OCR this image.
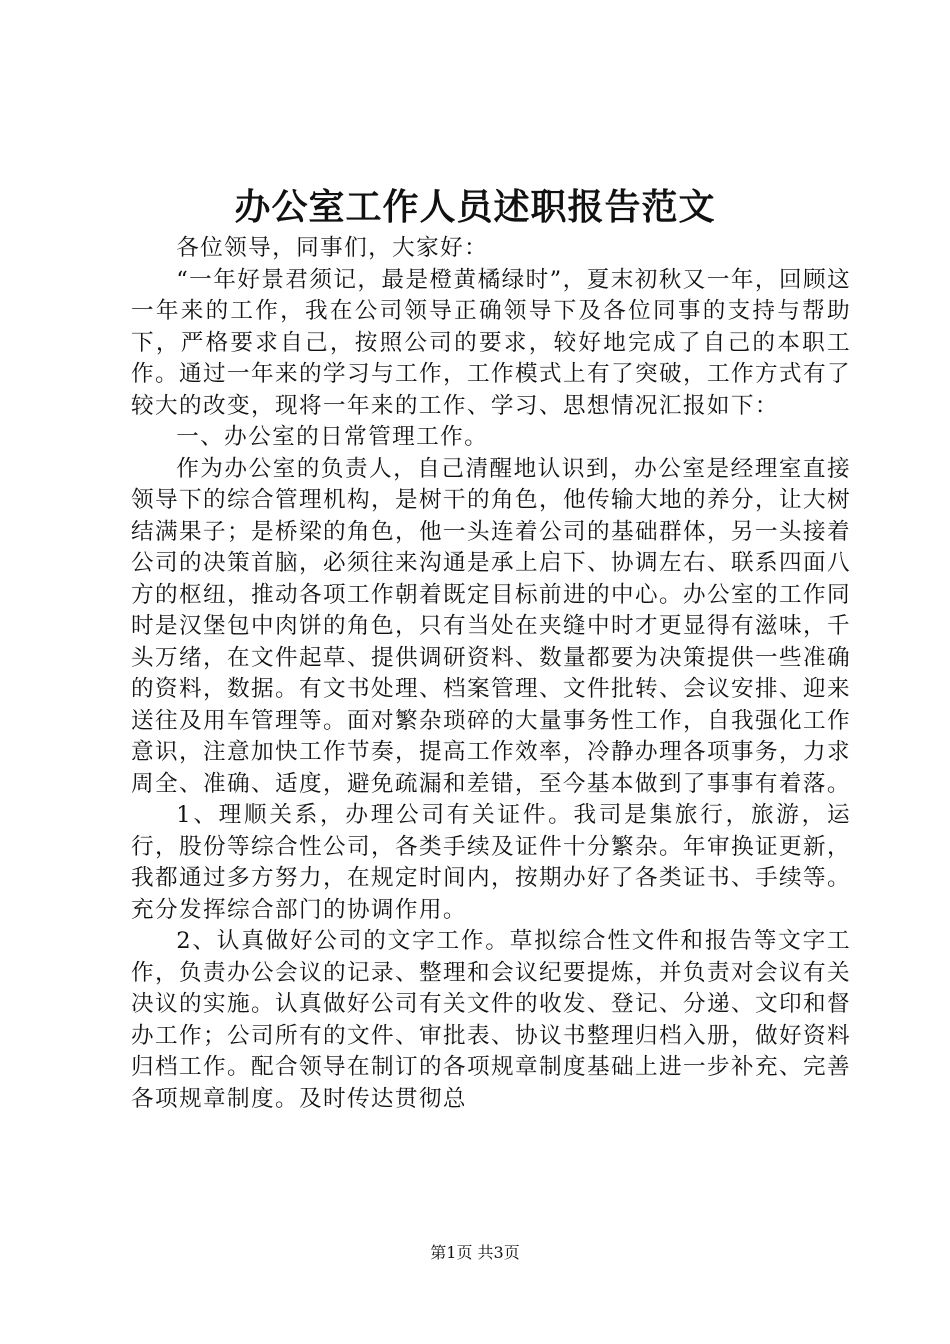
办公室工作人员述职报告范文

各位领导，同事们，大家好：

“一年好景君须记，最是橙黄橘绿时”，夏末初秋又一年，回顾这一年来的工作，我在公司领导正确领导下及各位同事的支持与帮助下，严格要求自己，按照公司的要求，较好地完成了自己的本职工作。通过一年来的学习与工作，工作模式上有了突破，工作方式有了较大的改变，现将一年来的工作、学习、思想情况汇报如下：

一、办公室的日常管理工作。

作为办公室的负责人，自己清醒地认识到，办公室是经理室直接领导下的综合管理机构，是树干的角色，他传输大地的养分，让大树结满果子；是桥梁的角色，他一头连着公司的基础群体，另一头接着公司的决策首脑，必须往来沟通是承上启下、协调左右、联系四面八方的枢纽，推动各项工作朝着既定目标前进的中心。办公室的工作同时是汉堡包中肉饼的角色，只有当处在夹缝中时才更显得有滋味，千头万绪，在文件起草、提供调研资料、数量都要为决策提供一些准确的资料，数据。有文书处理、档案管理、文件批转、会议安排、迎来送往及用车管理等。面对繁杂琐碎的大量事务性工作，自我强化工作意识，注意加快工作节奏，提高工作效率，冷静办理各项事务，力求周全、准确、适度，避免疏漏和差错，至今基本做到了事事有着落。

1、理顺关系，办理公司有关证件。我司是集旅行，旅游，运行，股份等综合性公司，各类手续及证件十分繁杂。年审换证更新，我都通过多方努力，在规定时间内，按期办好了各类证书、手续等。充分发挥综合部门的协调作用。

2、认真做好公司的文字工作。草拟综合性文件和报告等文字工作，负责办公会议的记录、整理和会议纪要提炼，并负责对会议有关决议的实施。认真做好公司有关文件的收发、登记、分递、文印和督办工作；公司所有的文件、审批表、协议书整理归档入册，做好资料归档工作。配合领导在制订的各项规章制度基础上进一步补充、完善各项规章制度。及时传达贯彻总

第1页 共3页
